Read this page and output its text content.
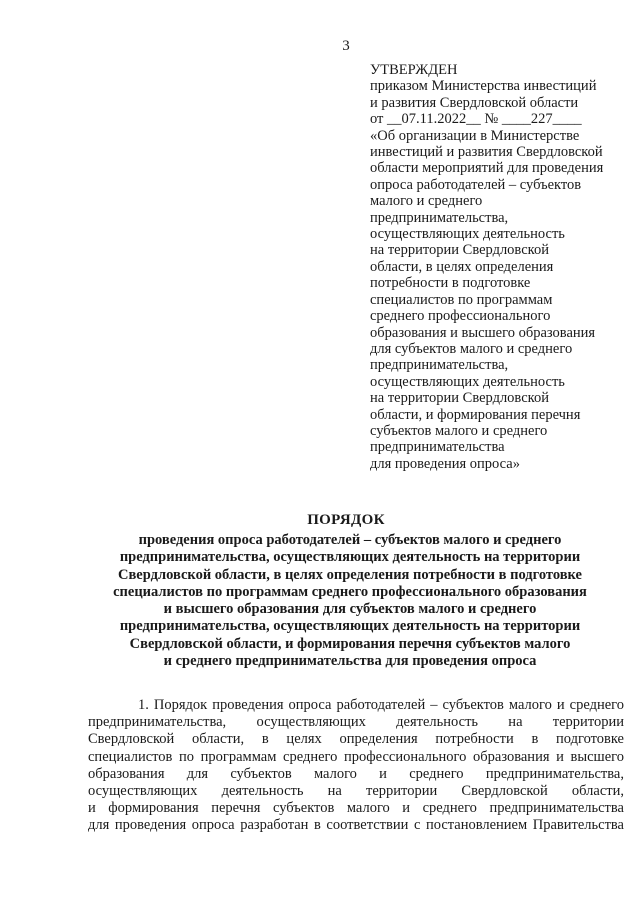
3
УТВЕРЖДЕН
приказом Министерства инвестиций
и развития Свердловской области
от __07.11.2022__ № ____227____
«Об организации в Министерстве
инвестиций и развития Свердловской
области мероприятий для проведения
опроса работодателей – субъектов
малого и среднего
предпринимательства,
осуществляющих деятельность
на территории Свердловской
области, в целях определения
потребности в подготовке
специалистов по программам
среднего профессионального
образования и высшего образования
для субъектов малого и среднего
предпринимательства,
осуществляющих деятельность
на территории Свердловской
области, и формирования перечня
субъектов малого и среднего
предпринимательства
для проведения опроса»
ПОРЯДОК
проведения опроса работодателей – субъектов малого и среднего
предпринимательства, осуществляющих деятельность на территории
Свердловской области, в целях определения потребности в подготовке
специалистов по программам среднего профессионального образования
и высшего образования для субъектов малого и среднего
предпринимательства, осуществляющих деятельность на территории
Свердловской области, и формирования перечня субъектов малого
и среднего предпринимательства для проведения опроса
1. Порядок проведения опроса работодателей – субъектов малого и среднего
предпринимательства, осуществляющих деятельность на территории
Свердловской области, в целях определения потребности в подготовке
специалистов по программам среднего профессионального образования и высшего
образования для субъектов малого и среднего предпринимательства,
осуществляющих деятельность на территории Свердловской области,
и формирования перечня субъектов малого и среднего предпринимательства
для проведения опроса разработан в соответствии с постановлением Правительства
